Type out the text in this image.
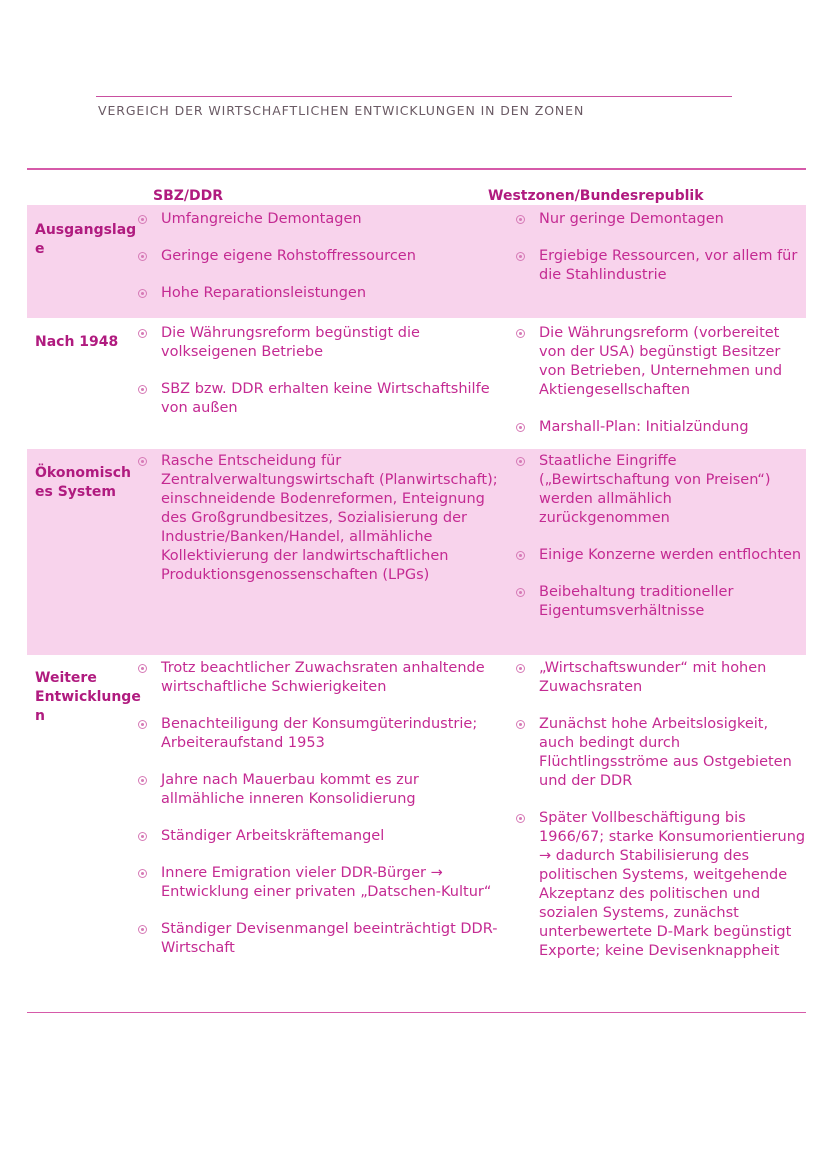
VERGEICH DER WIRTSCHAFTLICHEN ENTWICKLUNGEN IN DEN ZONEN
SBZ/DDR	Westzonen/Bundesrepublik
Ausgangslag e
Umfangreiche Demontagen
Geringe eigene Rohstoffressourcen
Hohe Reparationsleistungen
Nur geringe Demontagen
Ergiebige Ressourcen, vor allem für die Stahlindustrie
Nach 1948
Die Währungsreform begünstigt die volkseigenen Betriebe
SBZ bzw. DDR erhalten keine Wirtschaftshilfe von außen
Die Währungsreform (vorbereitet von der USA) begünstigt Besitzer von Betrieben, Unternehmen und Aktiengesellschaften
Marshall-Plan: Initialzündung
Ökonomisch es System
Rasche Entscheidung für Zentralverwaltungswirtschaft (Planwirtschaft); einschneidende Bodenreformen, Enteignung des Großgrundbesitzes, Sozialisierung der Industrie/Banken/Handel, allmähliche Kollektivierung der landwirtschaftlichen Produktionsgenossenschaften (LPGs)
Staatliche Eingriffe („Bewirtschaftung von Preisen“) werden allmählich zurückgenommen
Einige Konzerne werden entflochten
Beibehaltung traditioneller Eigentumsverhältnisse
Weitere Entwicklunge n
Trotz beachtlicher Zuwachsraten anhaltende wirtschaftliche Schwierigkeiten
Benachteiligung der Konsumgüterindustrie; Arbeiteraufstand 1953
Jahre nach Mauerbau kommt es zur allmähliche inneren Konsolidierung
Ständiger Arbeitskräftemangel
Innere Emigration vieler DDR-Bürger → Entwicklung einer privaten „Datschen-Kultur“
Ständiger Devisenmangel beeinträchtigt DDR-Wirtschaft
„Wirtschaftswunder“ mit hohen Zuwachsraten
Zunächst hohe Arbeitslosigkeit, auch bedingt durch Flüchtlingsströme aus Ostgebieten und der DDR
Später Vollbeschäftigung bis 1966/67; starke Konsumorientierung → dadurch Stabilisierung des politischen Systems, weitgehende Akzeptanz des politischen und sozialen Systems, zunächst unterbewertete D-Mark begünstigt Exporte; keine Devisenknappheit
